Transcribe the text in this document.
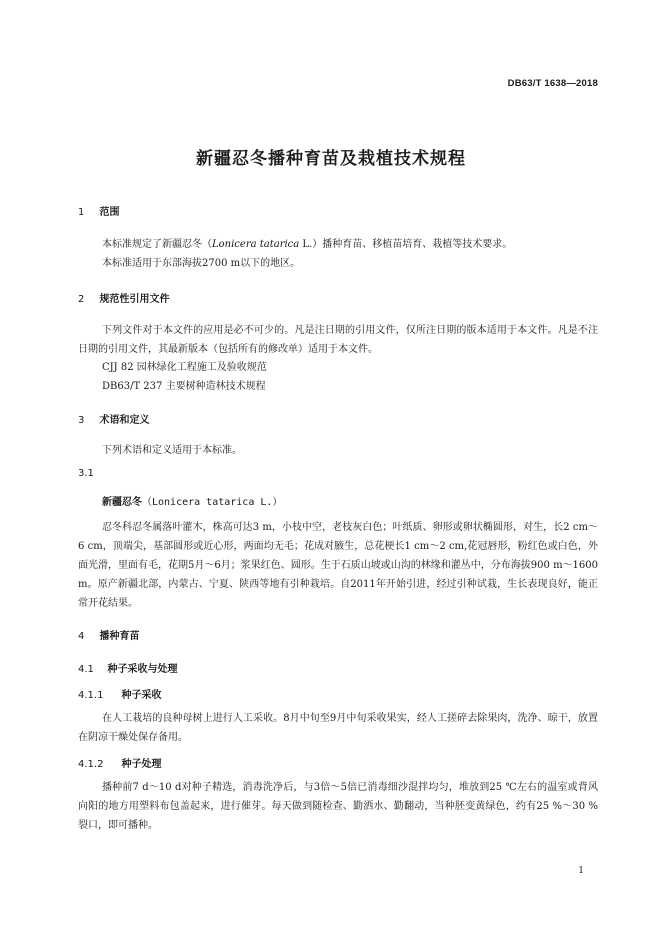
DB63/T 1638—2018
新疆忍冬播种育苗及栽植技术规程
1 范围
本标准规定了新疆忍冬（Lonicera tatarica L.）播种育苗、移植苗培育、栽植等技术要求。
本标准适用于东部海拔2700 m以下的地区。
2 规范性引用文件
下列文件对于本文件的应用是必不可少的。凡是注日期的引用文件，仅所注日期的版本适用于本文件。凡是不注日期的引用文件，其最新版本（包括所有的修改单）适用于本文件。
CJJ 82 园林绿化工程施工及验收规范
DB63/T 237 主要树种造林技术规程
3 术语和定义
下列术语和定义适用于本标准。
3.1
新疆忍冬（Lonicera tatarica L.）
忍冬科忍冬属落叶灌木，株高可达3 m，小枝中空，老枝灰白色；叶纸质、卵形或卵状椭圆形，对生，长2 cm～6 cm，顶端尖，基部圆形或近心形，两面均无毛；花成对腋生，总花梗长1 cm～2 cm,花冠唇形，粉红色或白色，外面光滑，里面有毛，花期5月～6月；浆果红色、圆形。生于石质山坡或山沟的林缘和灌丛中，分布海拔900 m～1600 m。原产新疆北部，内蒙古、宁夏、陕西等地有引种栽培。自2011年开始引进，经过引种试栽，生长表现良好，能正常开花结果。
4 播种育苗
4.1 种子采收与处理
4.1.1 种子采收
在人工栽培的良种母树上进行人工采收。8月中旬至9月中旬采收果实，经人工搓碎去除果肉，洗净、晾干，放置在阴凉干燥处保存备用。
4.1.2 种子处理
播种前7 d～10 d对种子精选，消毒洗净后，与3倍～5倍已消毒细沙混拌均匀，堆放到25 ℃左右的温室或背风向阳的地方用塑料布包盖起来，进行催芽。每天做到随检查、勤洒水、勤翻动，当种胚变黄绿色，约有25 %～30 %裂口，即可播种。
1
